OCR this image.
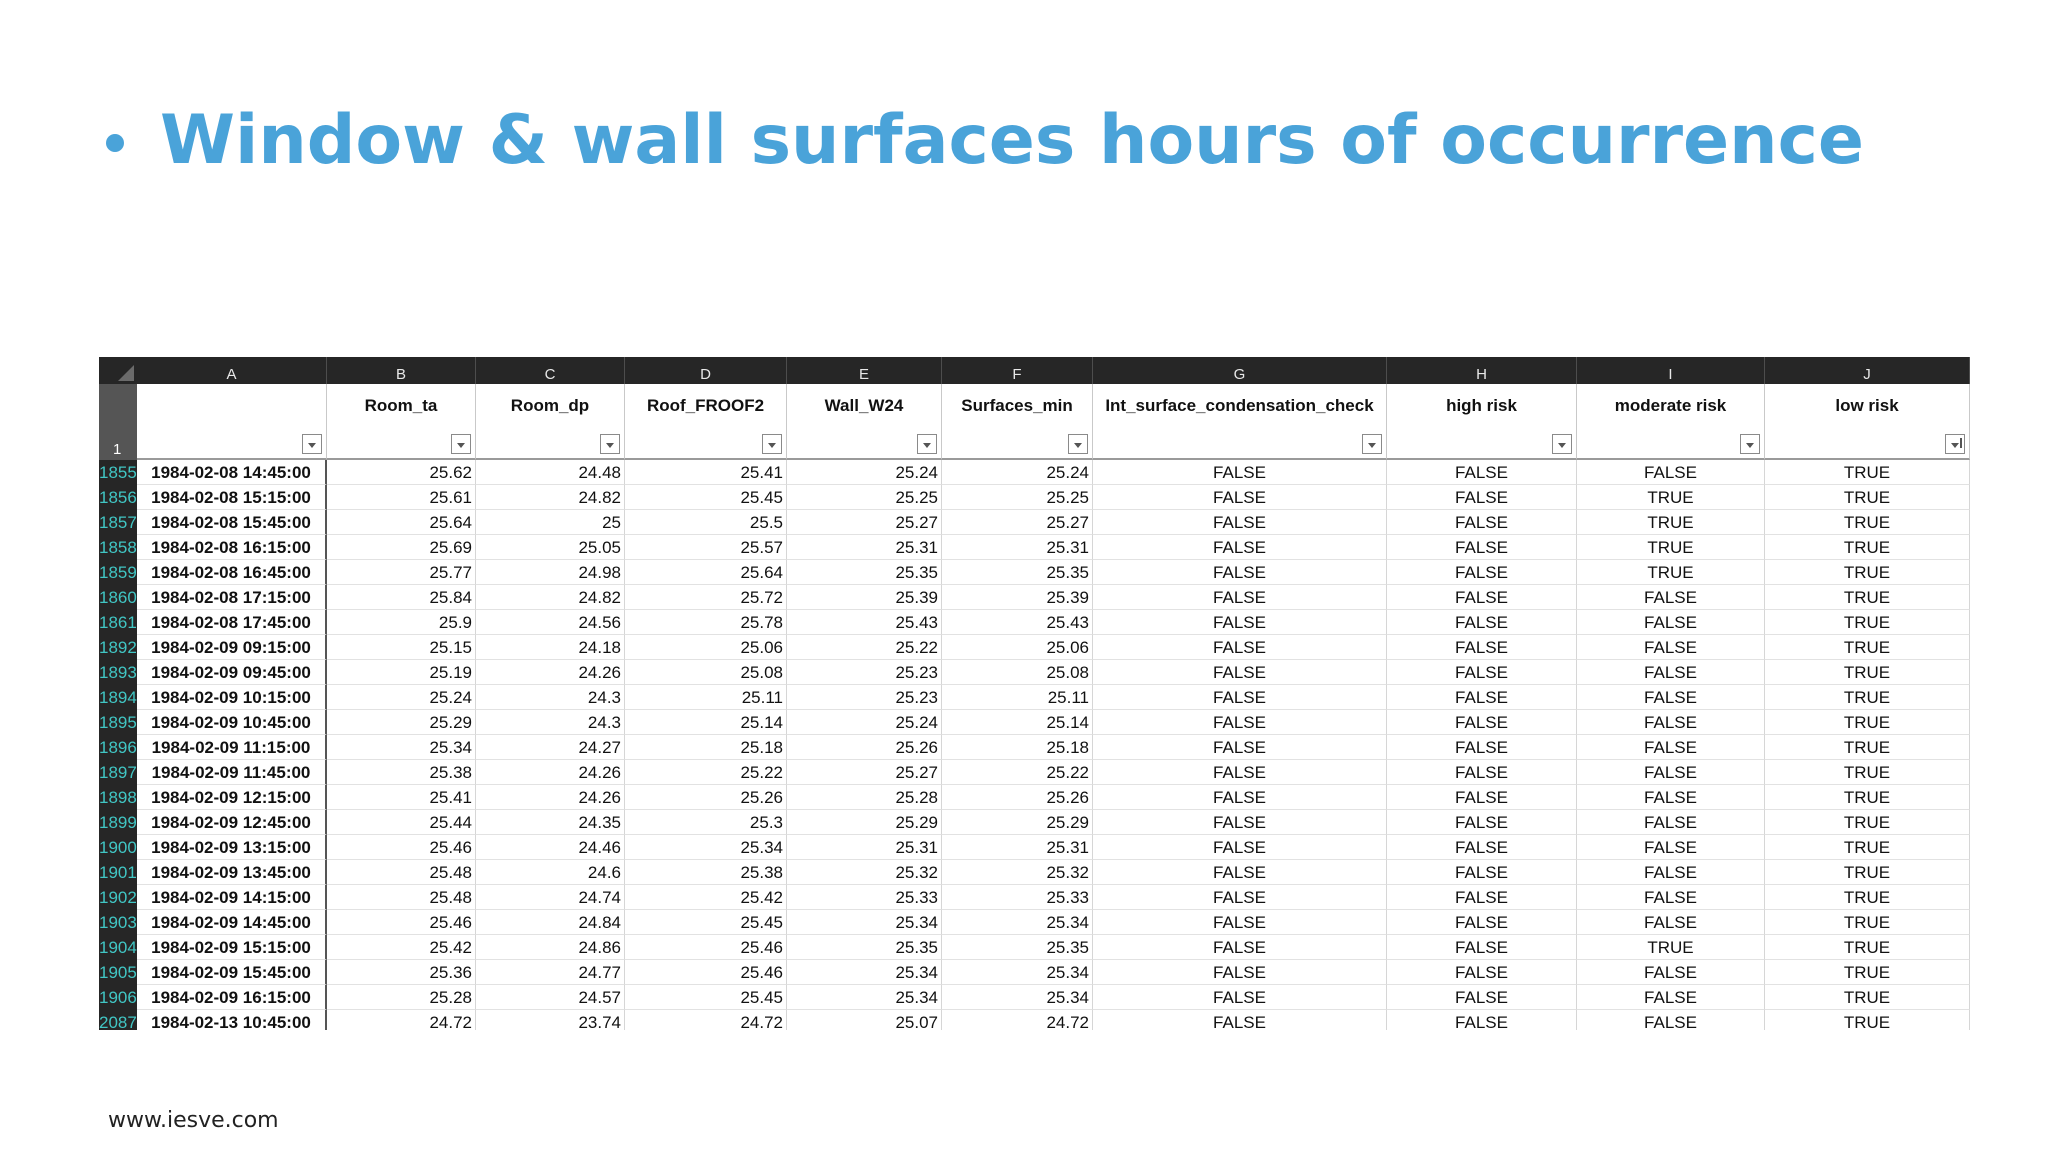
Window & wall surfaces hours of occurrence
A	B	C	D	E	F	G	H	I	J
1
Room_ta	Room_dp	Roof_FROOF2	Wall_W24	Surfaces_min	Int_surface_condensation_check	high risk	moderate risk	low risk
1855 1984-02-08 14:45:00	25.62	24.48	25.41	25.24	25.24	FALSE	FALSE	FALSE	TRUE
1856 1984-02-08 15:15:00	25.61	24.82	25.45	25.25	25.25	FALSE	FALSE	TRUE	TRUE
1857 1984-02-08 15:45:00	25.64	25	25.5	25.27	25.27	FALSE	FALSE	TRUE	TRUE
1858 1984-02-08 16:15:00	25.69	25.05	25.57	25.31	25.31	FALSE	FALSE	TRUE	TRUE
1859 1984-02-08 16:45:00	25.77	24.98	25.64	25.35	25.35	FALSE	FALSE	TRUE	TRUE
1860 1984-02-08 17:15:00	25.84	24.82	25.72	25.39	25.39	FALSE	FALSE	FALSE	TRUE
1861 1984-02-08 17:45:00	25.9	24.56	25.78	25.43	25.43	FALSE	FALSE	FALSE	TRUE
1892 1984-02-09 09:15:00	25.15	24.18	25.06	25.22	25.06	FALSE	FALSE	FALSE	TRUE
1893 1984-02-09 09:45:00	25.19	24.26	25.08	25.23	25.08	FALSE	FALSE	FALSE	TRUE
1894 1984-02-09 10:15:00	25.24	24.3	25.11	25.23	25.11	FALSE	FALSE	FALSE	TRUE
1895 1984-02-09 10:45:00	25.29	24.3	25.14	25.24	25.14	FALSE	FALSE	FALSE	TRUE
1896 1984-02-09 11:15:00	25.34	24.27	25.18	25.26	25.18	FALSE	FALSE	FALSE	TRUE
1897 1984-02-09 11:45:00	25.38	24.26	25.22	25.27	25.22	FALSE	FALSE	FALSE	TRUE
1898 1984-02-09 12:15:00	25.41	24.26	25.26	25.28	25.26	FALSE	FALSE	FALSE	TRUE
1899 1984-02-09 12:45:00	25.44	24.35	25.3	25.29	25.29	FALSE	FALSE	FALSE	TRUE
1900 1984-02-09 13:15:00	25.46	24.46	25.34	25.31	25.31	FALSE	FALSE	FALSE	TRUE
1901 1984-02-09 13:45:00	25.48	24.6	25.38	25.32	25.32	FALSE	FALSE	FALSE	TRUE
1902 1984-02-09 14:15:00	25.48	24.74	25.42	25.33	25.33	FALSE	FALSE	FALSE	TRUE
1903 1984-02-09 14:45:00	25.46	24.84	25.45	25.34	25.34	FALSE	FALSE	FALSE	TRUE
1904 1984-02-09 15:15:00	25.42	24.86	25.46	25.35	25.35	FALSE	FALSE	TRUE	TRUE
1905 1984-02-09 15:45:00	25.36	24.77	25.46	25.34	25.34	FALSE	FALSE	FALSE	TRUE
1906 1984-02-09 16:15:00	25.28	24.57	25.45	25.34	25.34	FALSE	FALSE	FALSE	TRUE
2087 1984-02-13 10:45:00	24.72	23.74	24.72	25.07	24.72	FALSE	FALSE	FALSE	TRUE
www.iesve.com
